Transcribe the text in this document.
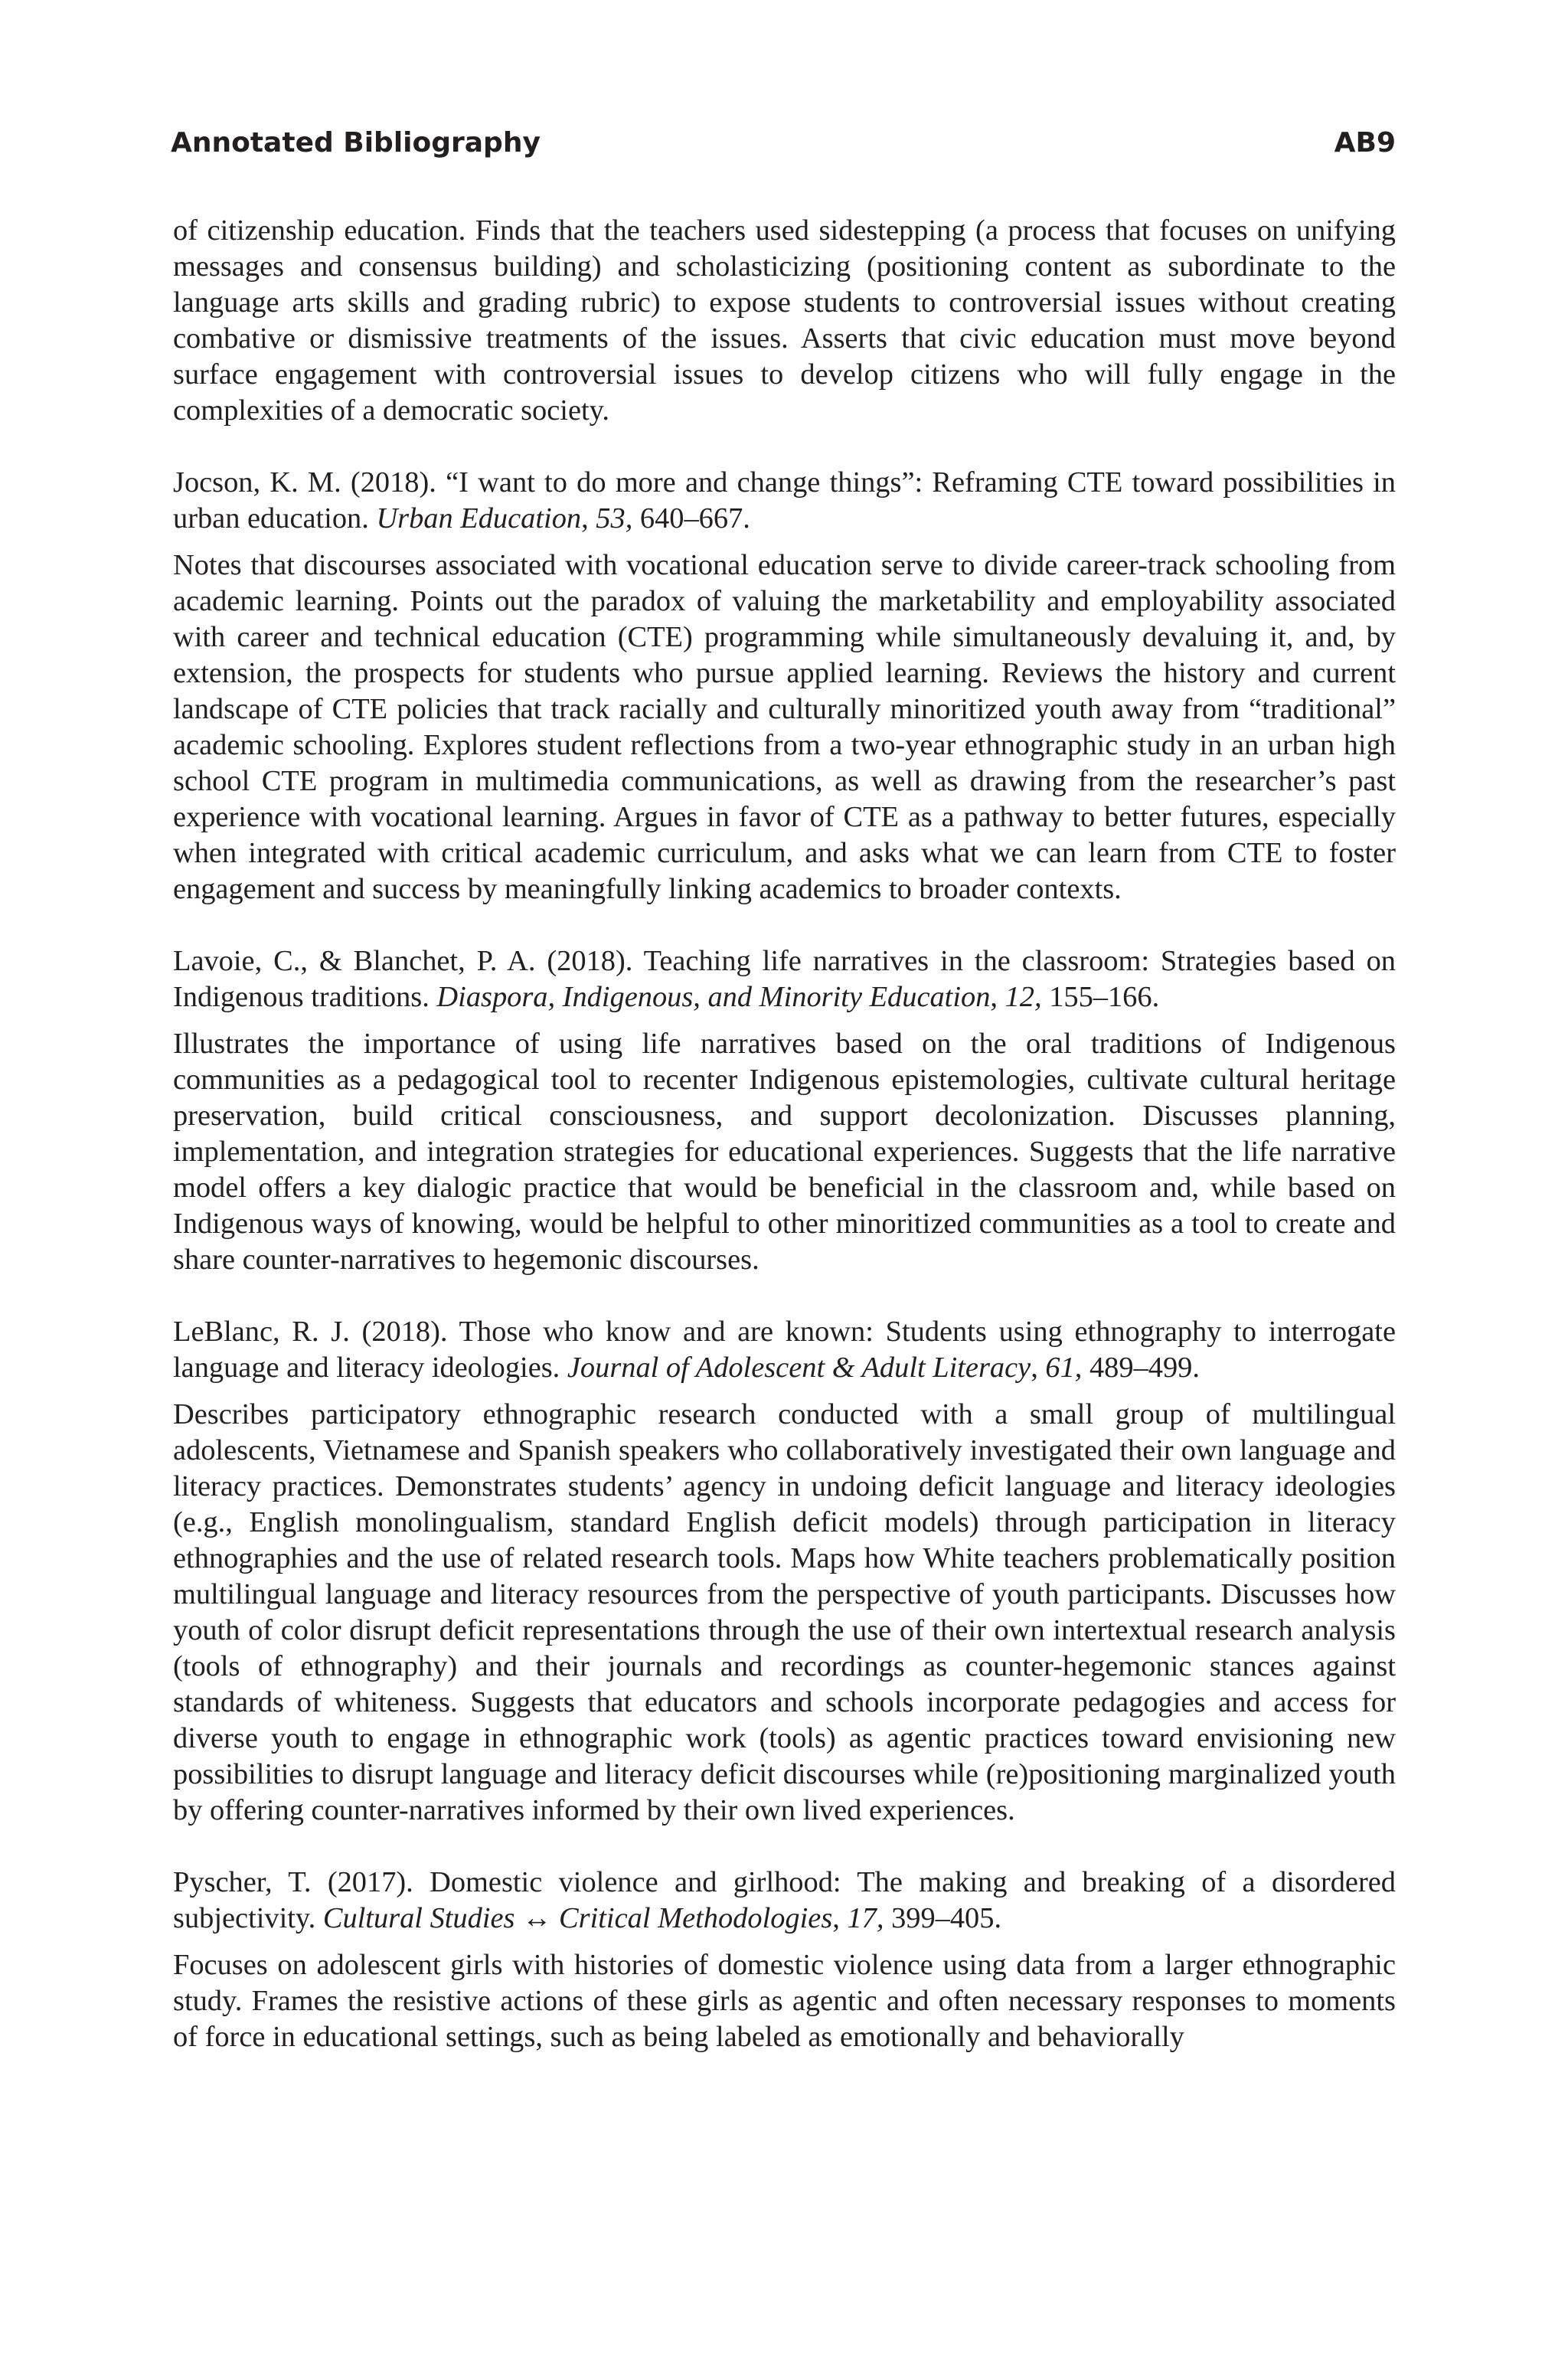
Annotated Bibliography	AB9

of citizenship education. Finds that the teachers used sidestepping (a process that focuses on unifying messages and consensus building) and scholasticizing (positioning content as subordinate to the language arts skills and grading rubric) to expose students to controversial issues without creating combative or dismissive treatments of the issues. Asserts that civic education must move beyond surface engagement with controversial issues to develop citizens who will fully engage in the complexities of a democratic society.

Jocson, K. M. (2018). “I want to do more and change things”: Reframing CTE toward possibilities in urban education. Urban Education, 53, 640–667.

Notes that discourses associated with vocational education serve to divide career-track schooling from academic learning. Points out the paradox of valuing the marketability and employability associated with career and technical education (CTE) programming while simultaneously devaluing it, and, by extension, the prospects for students who pursue applied learning. Reviews the history and current landscape of CTE policies that track racially and culturally minoritized youth away from “traditional” academic schooling. Explores student reflections from a two-year ethnographic study in an urban high school CTE program in multimedia communications, as well as drawing from the researcher’s past experience with vocational learning. Argues in favor of CTE as a pathway to better futures, especially when integrated with critical academic curriculum, and asks what we can learn from CTE to foster engagement and success by meaningfully linking academics to broader contexts.

Lavoie, C., & Blanchet, P. A. (2018). Teaching life narratives in the classroom: Strategies based on Indigenous traditions. Diaspora, Indigenous, and Minority Education, 12, 155–166.

Illustrates the importance of using life narratives based on the oral traditions of Indigenous communities as a pedagogical tool to recenter Indigenous epistemologies, cultivate cultural heritage preservation, build critical consciousness, and support decolonization. Discusses planning, implementation, and integration strategies for educational experiences. Suggests that the life narrative model offers a key dialogic practice that would be beneficial in the classroom and, while based on Indigenous ways of knowing, would be helpful to other minoritized communities as a tool to create and share counter-narratives to hegemonic discourses.

LeBlanc, R. J. (2018). Those who know and are known: Students using ethnography to interrogate language and literacy ideologies. Journal of Adolescent & Adult Literacy, 61, 489–499.

Describes participatory ethnographic research conducted with a small group of multilingual adolescents, Vietnamese and Spanish speakers who collaboratively investigated their own language and literacy practices. Demonstrates students’ agency in undoing deficit language and literacy ideologies (e.g., English monolingualism, standard English deficit models) through participation in literacy ethnographies and the use of related research tools. Maps how White teachers problematically position multilingual language and literacy resources from the perspective of youth participants. Discusses how youth of color disrupt deficit representations through the use of their own intertextual research analysis (tools of ethnography) and their journals and recordings as counter-hegemonic stances against standards of whiteness. Suggests that educators and schools incorporate pedagogies and access for diverse youth to engage in ethnographic work (tools) as agentic practices toward envisioning new possibilities to disrupt language and literacy deficit discourses while (re)positioning marginalized youth by offering counter-narratives informed by their own lived experiences.

Pyscher, T. (2017). Domestic violence and girlhood: The making and breaking of a disordered subjectivity. Cultural Studies ↔ Critical Methodologies, 17, 399–405.

Focuses on adolescent girls with histories of domestic violence using data from a larger ethnographic study. Frames the resistive actions of these girls as agentic and often necessary responses to moments of force in educational settings, such as being labeled as emotionally and behaviorally
